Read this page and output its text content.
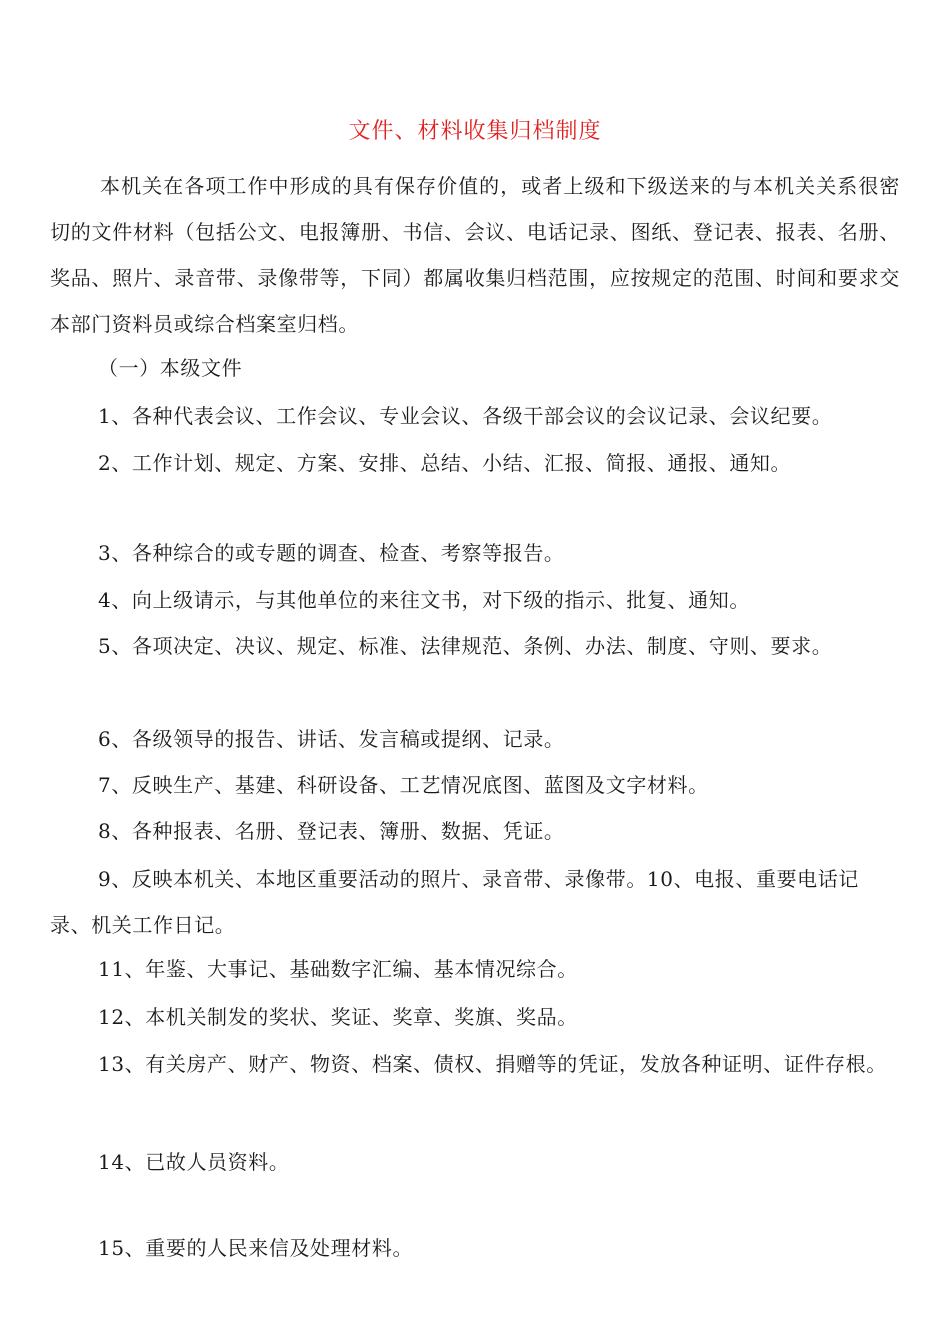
文件、材料收集归档制度
本机关在各项工作中形成的具有保存价值的，或者上级和下级送来的与本机关关系很密切的文件材料（包括公文、电报簿册、书信、会议、电话记录、图纸、登记表、报表、名册、奖品、照片、录音带、录像带等，下同）都属收集归档范围，应按规定的范围、时间和要求交本部门资料员或综合档案室归档。
（一）本级文件
1、各种代表会议、工作会议、专业会议、各级干部会议的会议记录、会议纪要。
2、工作计划、规定、方案、安排、总结、小结、汇报、简报、通报、通知。
3、各种综合的或专题的调查、检查、考察等报告。
4、向上级请示，与其他单位的来往文书，对下级的指示、批复、通知。
5、各项决定、决议、规定、标准、法律规范、条例、办法、制度、守则、要求。
6、各级领导的报告、讲话、发言稿或提纲、记录。
7、反映生产、基建、科研设备、工艺情况底图、蓝图及文字材料。
8、各种报表、名册、登记表、簿册、数据、凭证。
9、反映本机关、本地区重要活动的照片、录音带、录像带。10、电报、重要电话记录、机关工作日记。
11、年鉴、大事记、基础数字汇编、基本情况综合。
12、本机关制发的奖状、奖证、奖章、奖旗、奖品。
13、有关房产、财产、物资、档案、债权、捐赠等的凭证，发放各种证明、证件存根。
14、已故人员资料。
15、重要的人民来信及处理材料。
